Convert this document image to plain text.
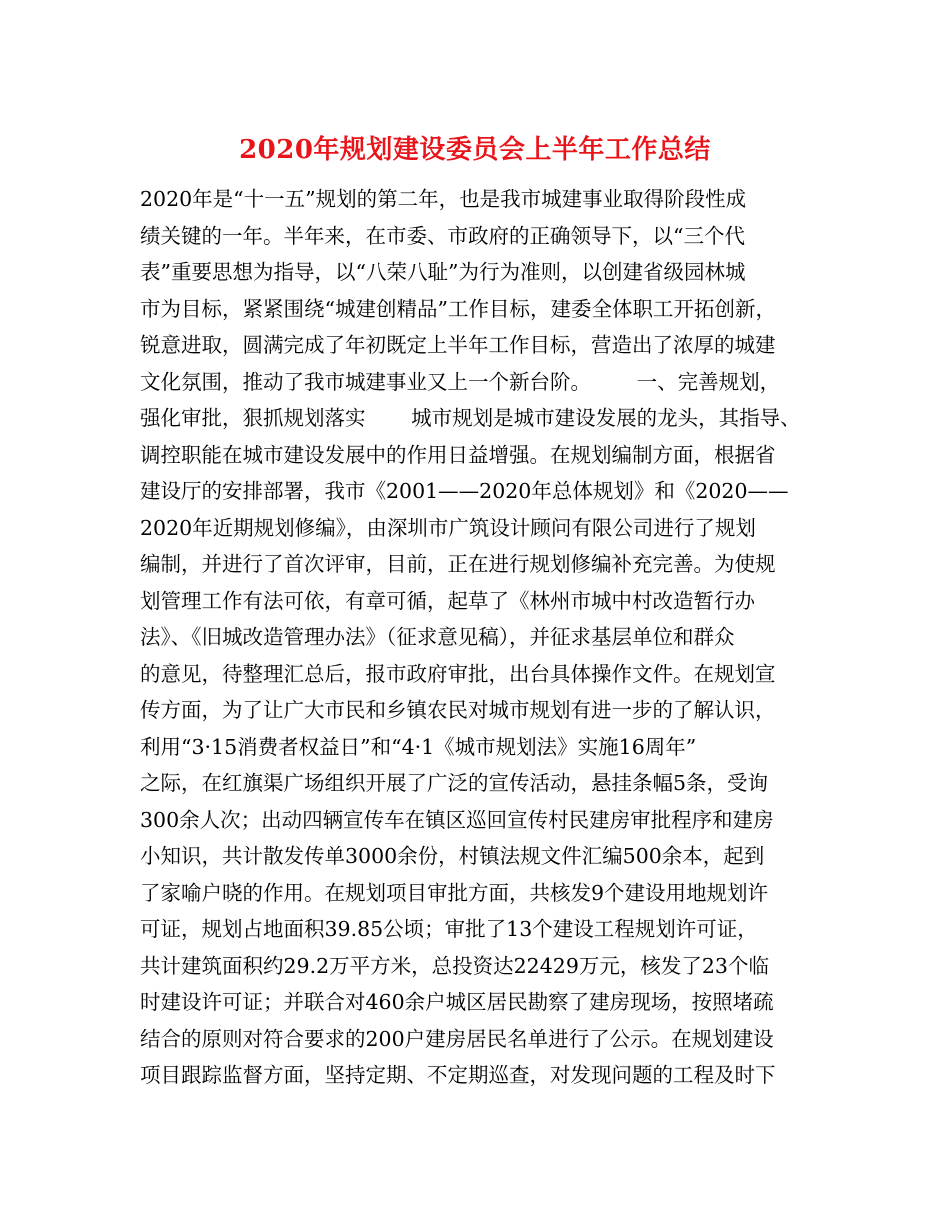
2020年规划建设委员会上半年工作总结
2020年是“十一五”规划的第二年，也是我市城建事业取得阶段性成
绩关键的一年。半年来，在市委、市政府的正确领导下，以“三个代
表”重要思想为指导，以“八荣八耻”为行为准则，以创建省级园林城
市为目标，紧紧围绕“城建创精品”工作目标，建委全体职工开拓创新，
锐意进取，圆满完成了年初既定上半年工作目标，营造出了浓厚的城建
文化氛围，推动了我市城建事业又上一个新台阶。       一、完善规划，
强化审批，狠抓规划落实       城市规划是城市建设发展的龙头，其指导、
调控职能在城市建设发展中的作用日益增强。在规划编制方面，根据省
建设厅的安排部署，我市《2001——2020年总体规划》和《2020——
2020年近期规划修编》，由深圳市广筑设计顾问有限公司进行了规划
编制，并进行了首次评审，目前，正在进行规划修编补充完善。为使规
划管理工作有法可依，有章可循，起草了《林州市城中村改造暂行办
法》、《旧城改造管理办法》（征求意见稿），并征求基层单位和群众
的意见，待整理汇总后，报市政府审批，出台具体操作文件。在规划宣
传方面，为了让广大市民和乡镇农民对城市规划有进一步的了解认识，
利用“3·15消费者权益日”和“4·1《城市规划法》实施16周年”
之际，在红旗渠广场组织开展了广泛的宣传活动，悬挂条幅5条，受询
300余人次；出动四辆宣传车在镇区巡回宣传村民建房审批程序和建房
小知识，共计散发传单3000余份，村镇法规文件汇编500余本，起到
了家喻户晓的作用。在规划项目审批方面，共核发9个建设用地规划许
可证，规划占地面积39.85公顷；审批了13个建设工程规划许可证，
共计建筑面积约29.2万平方米，总投资达22429万元，核发了23个临
时建设许可证；并联合对460余户城区居民勘察了建房现场，按照堵疏
结合的原则对符合要求的200户建房居民名单进行了公示。在规划建设
项目跟踪监督方面，坚持定期、不定期巡查，对发现问题的工程及时下
